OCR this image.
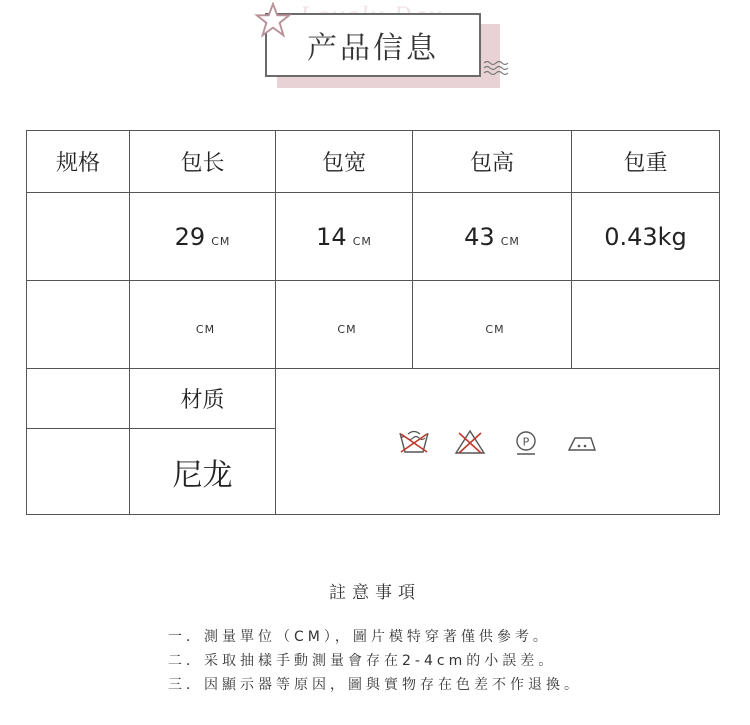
产品信息
规格	包长	包宽	包高	包重
	29 CM	14 CM	43 CM	0.43kg
	CM	CM	CM	
	材质	P		

	尼龙			
註意事項
一．測量單位（CM），圖片模特穿著僅供參考。
二．采取抽樣手動測量會存在2-4cm的小誤差。
三．因顯示器等原因，圖與實物存在色差不作退換。
